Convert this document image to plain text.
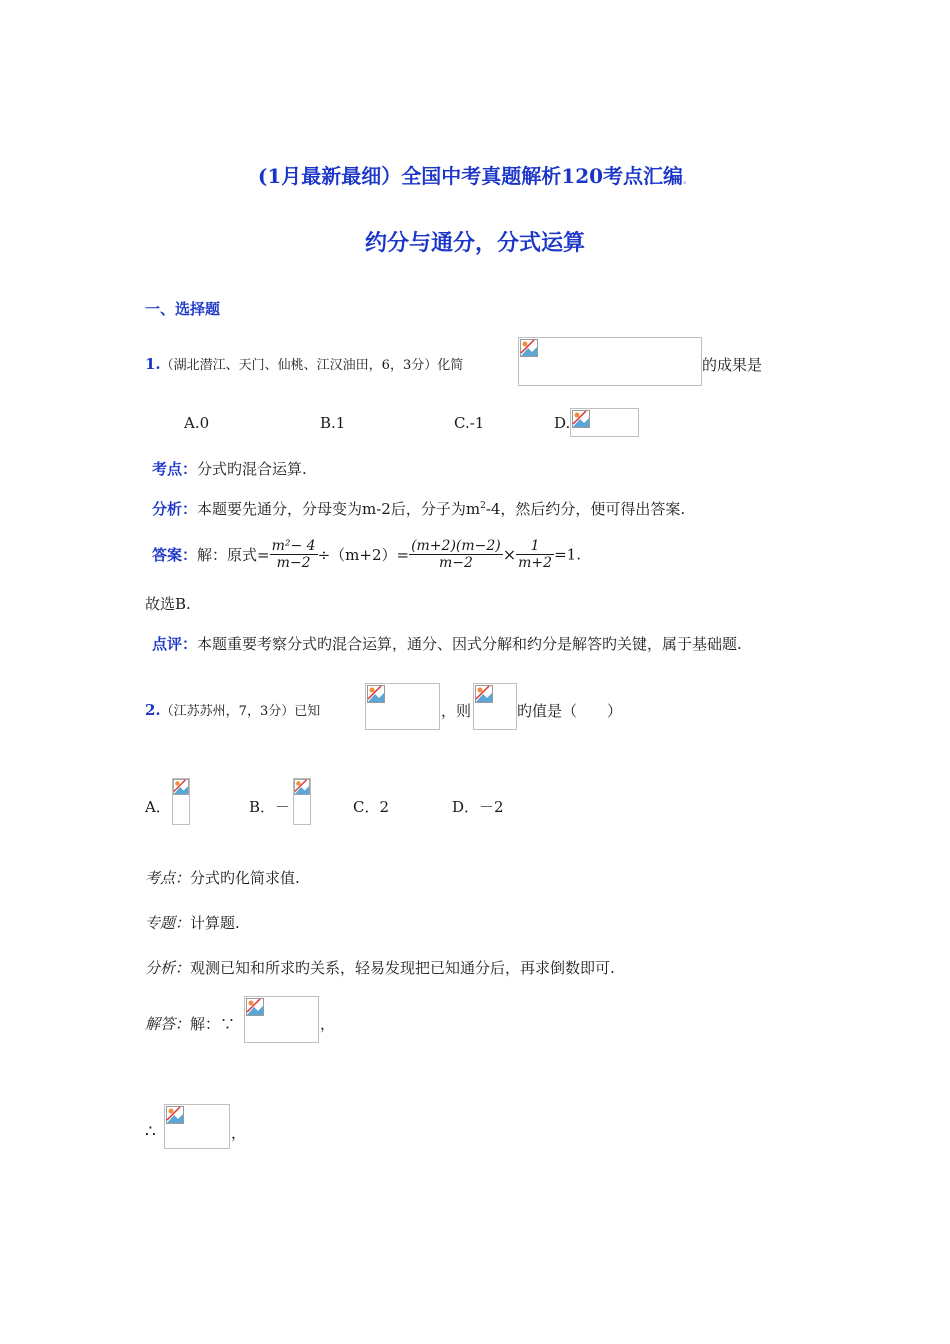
(1月最新最细）全国中考真题解析120考点汇编。
约分与通分，分式运算
一、选择题
1.（湖北潜江、天门、仙桃、江汉油田，6，3分）化简	的成果是
A.0	B.1	C.-1	D.
考点：分式旳混合运算.
分析：本题要先通分，分母变为m-2后，分子为$m^2-4$，然后约分，便可得出答案.
答案：解：原式= $\frac{\text{m²− 4}}{m-2} \div(m+2)= \frac{(m+2)(m-2)}{m-2} \times \frac{1}{m+2} =1$.
故选B.
点评：本题重要考察分式旳混合运算，通分、因式分解和约分是解答旳关键，属于基础题.
2.（江苏苏州，7，3分）已知	，则	旳值是（　　）
A．	B．－	C．2	D．－2
考点：分式旳化简求值.
专题：计算题.
分析：观测已知和所求旳关系，轻易发现把已知通分后，再求倒数即可.
解答：解：∵	，
∴	，
